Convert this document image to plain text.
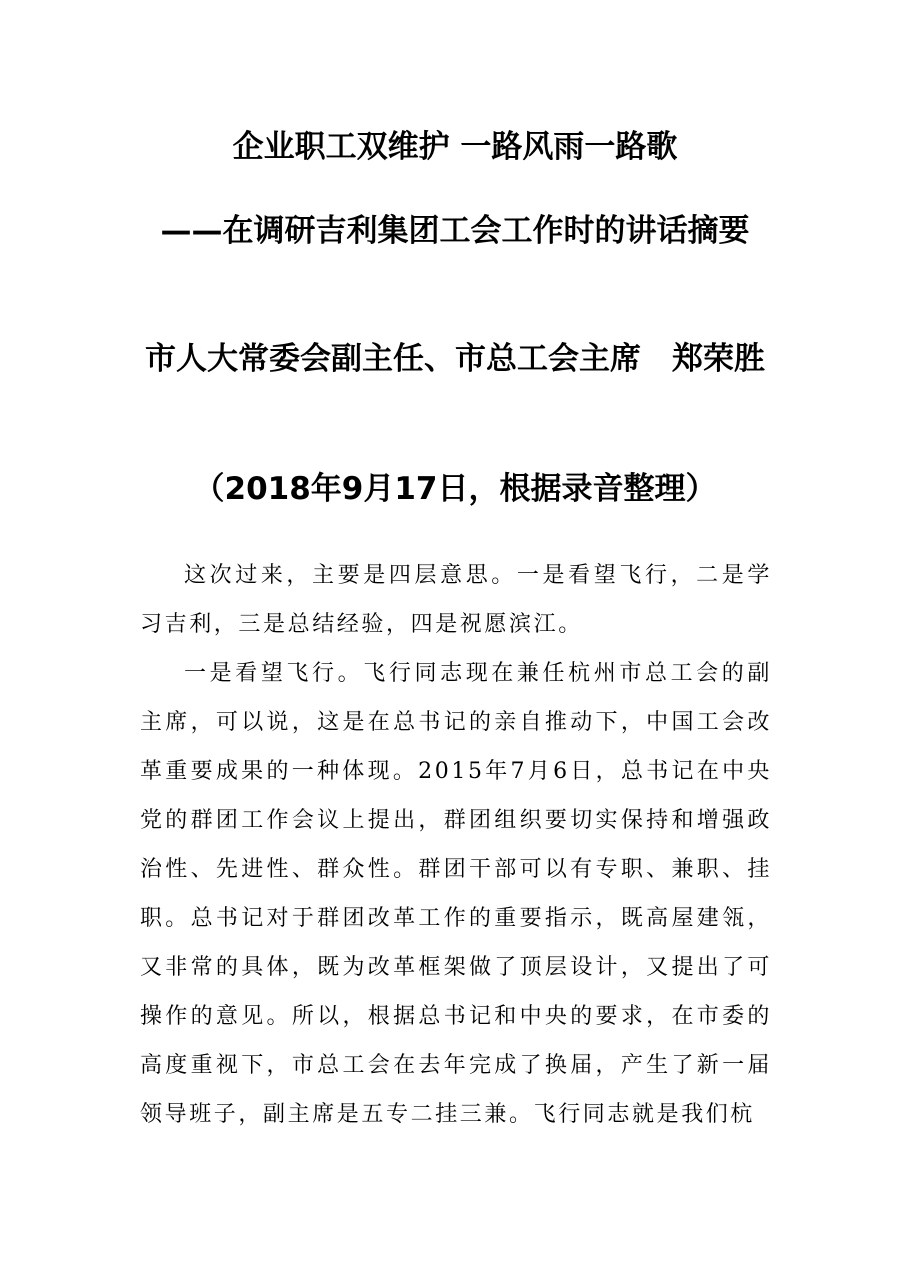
企业职工双维护 一路风雨一路歌
——在调研吉利集团工会工作时的讲话摘要
市人大常委会副主任、市总工会主席　郑荣胜
（2018年9月17日，根据录音整理）

这次过来，主要是四层意思。一是看望飞行，二是学习吉利，三是总结经验，四是祝愿滨江。

一是看望飞行。飞行同志现在兼任杭州市总工会的副主席，可以说，这是在总书记的亲自推动下，中国工会改革重要成果的一种体现。2015年7月6日，总书记在中央党的群团工作会议上提出，群团组织要切实保持和增强政治性、先进性、群众性。群团干部可以有专职、兼职、挂职。总书记对于群团改革工作的重要指示，既高屋建瓴，又非常的具体，既为改革框架做了顶层设计，又提出了可操作的意见。所以，根据总书记和中央的要求，在市委的高度重视下，市总工会在去年完成了换届，产生了新一届领导班子，副主席是五专二挂三兼。飞行同志就是我们杭
